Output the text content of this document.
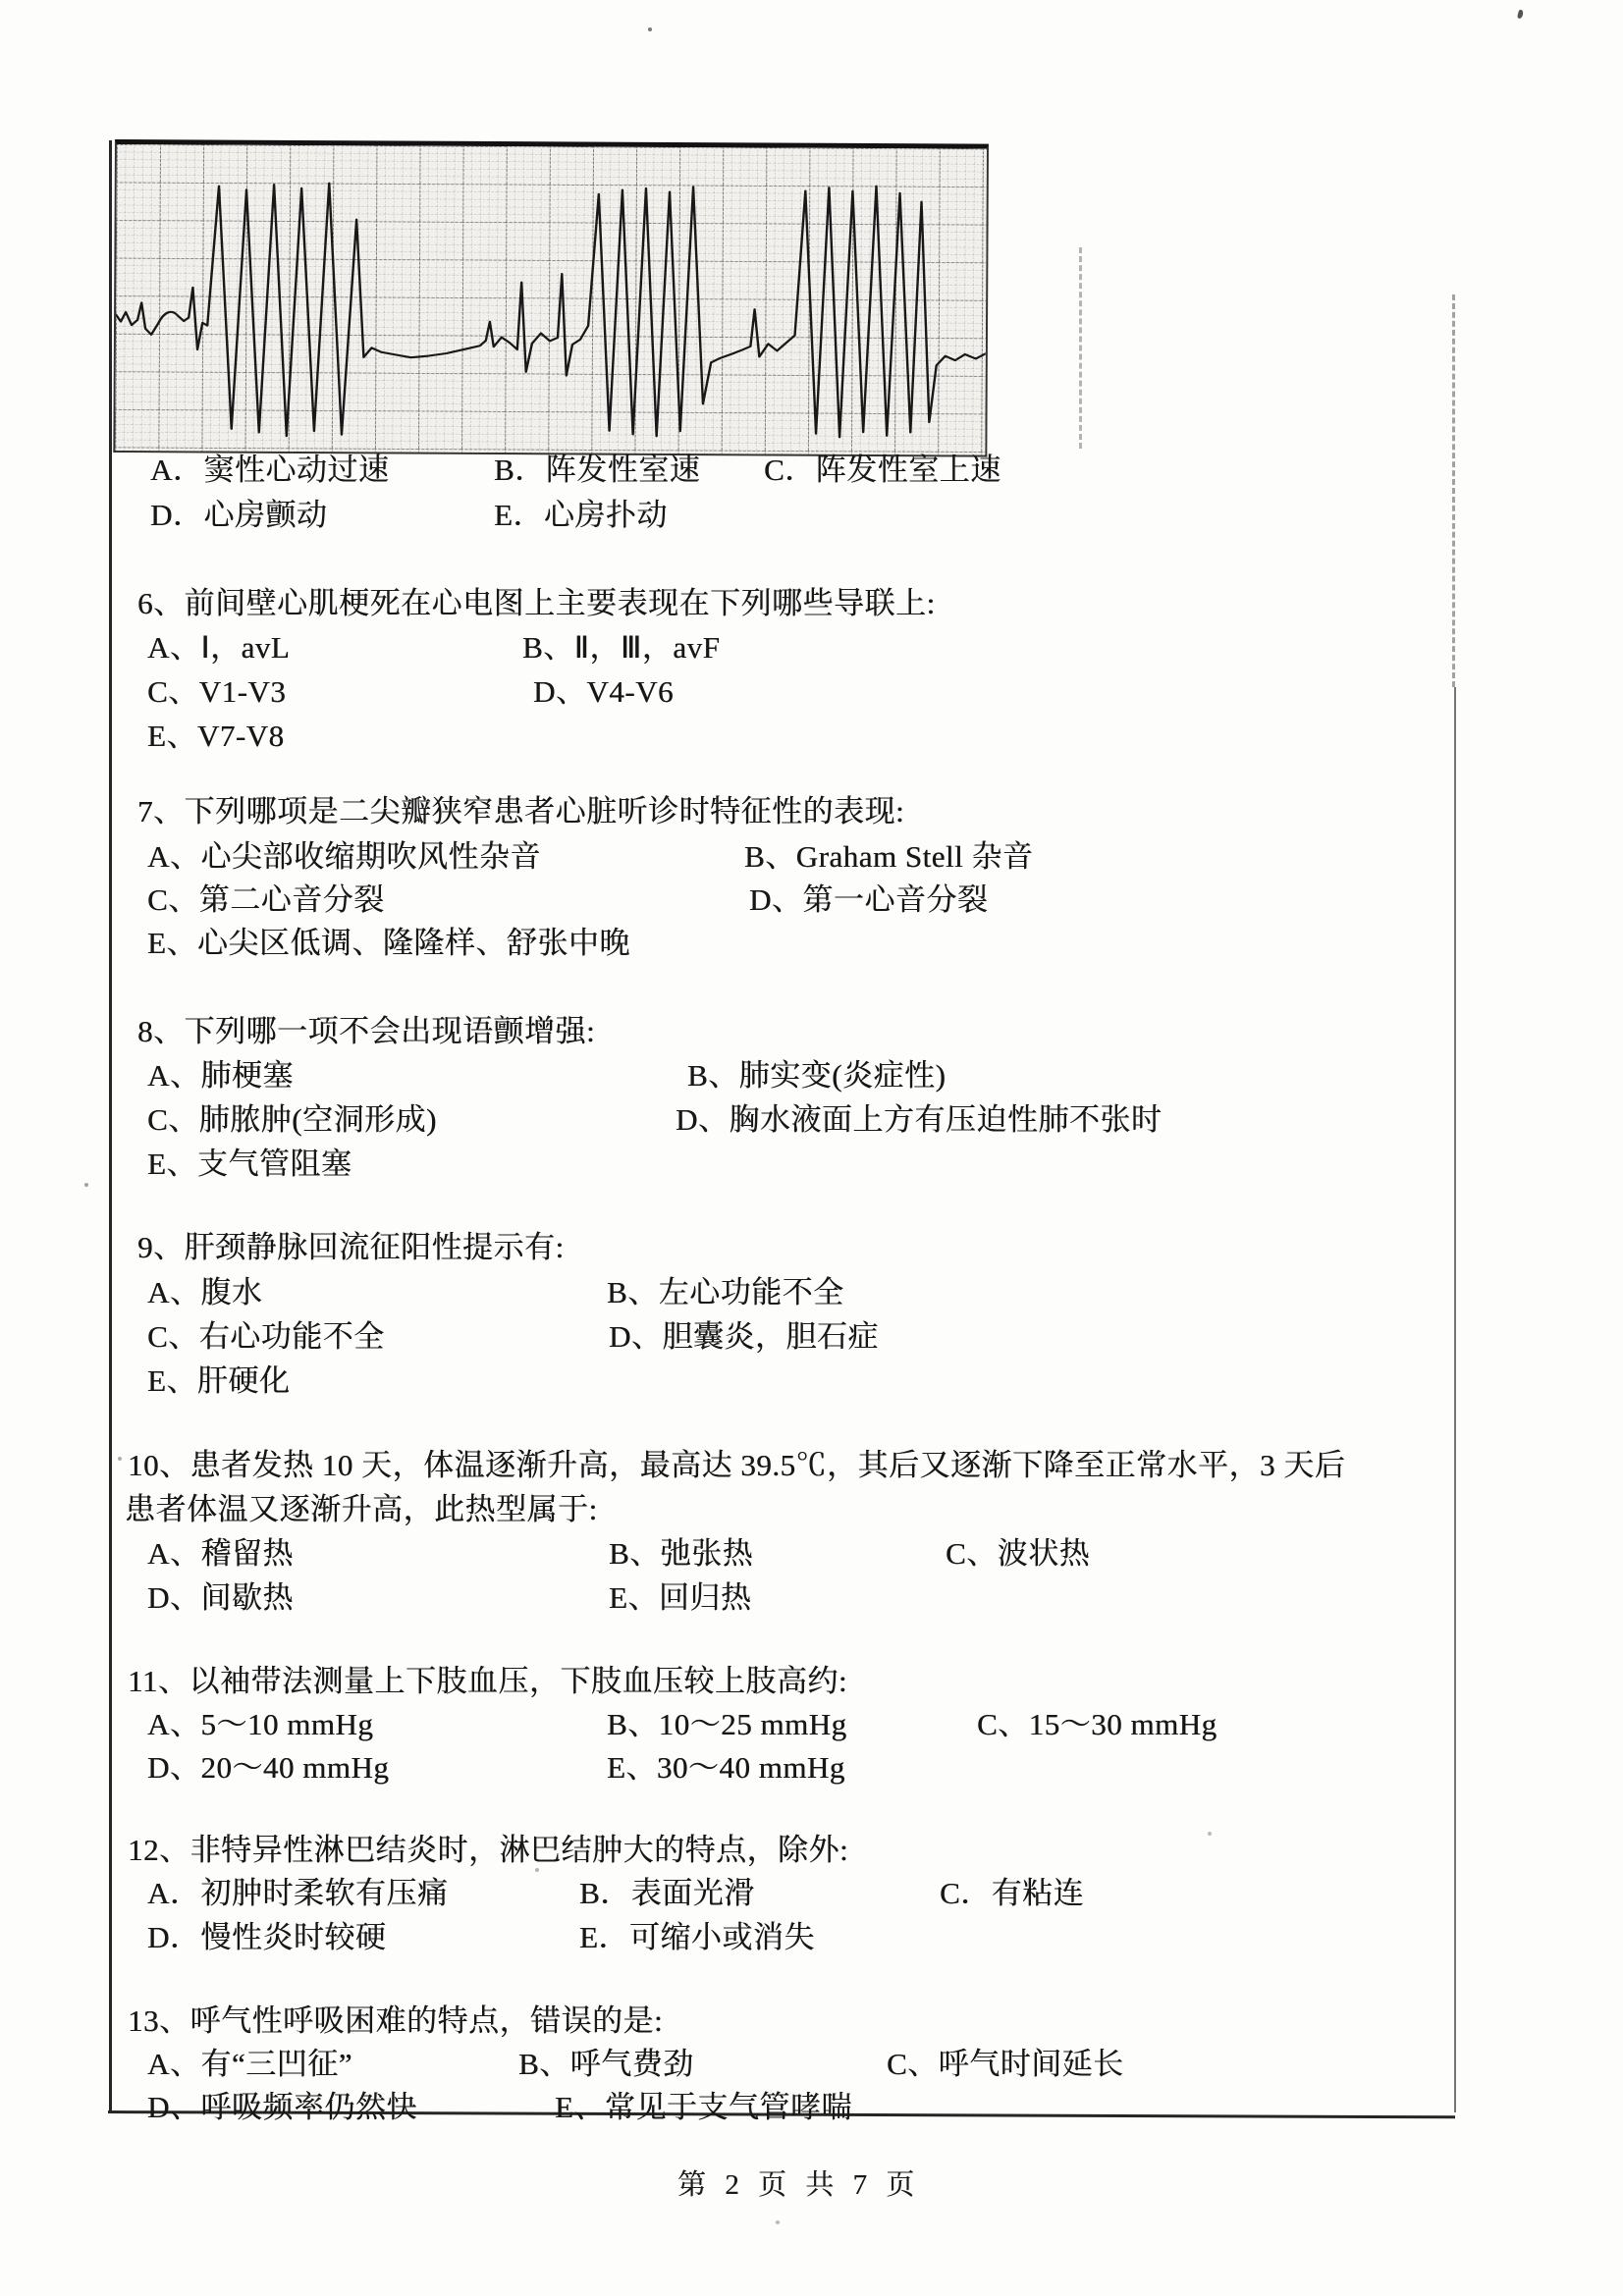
A．窦性心动过速	B．阵发性室速 C．阵发性室上速
D．心房颤动	E．心房扑动
6、前间壁心肌梗死在心电图上主要表现在下列哪些导联上:
A、Ⅰ，avL	B、Ⅱ，Ⅲ，avF
C、V1-V3	D、V4-V6
E、V7-V8
7、下列哪项是二尖瓣狭窄患者心脏听诊时特征性的表现:
A、心尖部收缩期吹风性杂音	B、Graham Stell 杂音
C、第二心音分裂	D、第一心音分裂
E、心尖区低调、隆隆样、舒张中晚
8、下列哪一项不会出现语颤增强:
A、肺梗塞	B、肺实变(炎症性)
C、肺脓肿(空洞形成)	D、胸水液面上方有压迫性肺不张时
E、支气管阻塞
9、肝颈静脉回流征阳性提示有:
A、腹水	B、左心功能不全
C、右心功能不全	D、胆囊炎，胆石症
E、肝硬化
10、患者发热 10 天，体温逐渐升高，最高达 39.5℃，其后又逐渐下降至正常水平，3 天后
患者体温又逐渐升高，此热型属于:
A、稽留热	B、弛张热	C、波状热
D、间歇热	E、回归热
11、以袖带法测量上下肢血压，下肢血压较上肢高约:
A、5～10 mmHg	B、10～25 mmHg	C、15～30 mmHg
D、20～40 mmHg	E、30～40 mmHg
12、非特异性淋巴结炎时，淋巴结肿大的特点，除外:
A．初肿时柔软有压痛	B．表面光滑	C．有粘连
D．慢性炎时较硬	E．可缩小或消失
13、呼气性呼吸困难的特点，错误的是:
A、有“三凹征”	B、呼气费劲	C、呼气时间延长
D、呼吸频率仍然快	E、常见于支气管哮喘
第 2 页 共 7 页
